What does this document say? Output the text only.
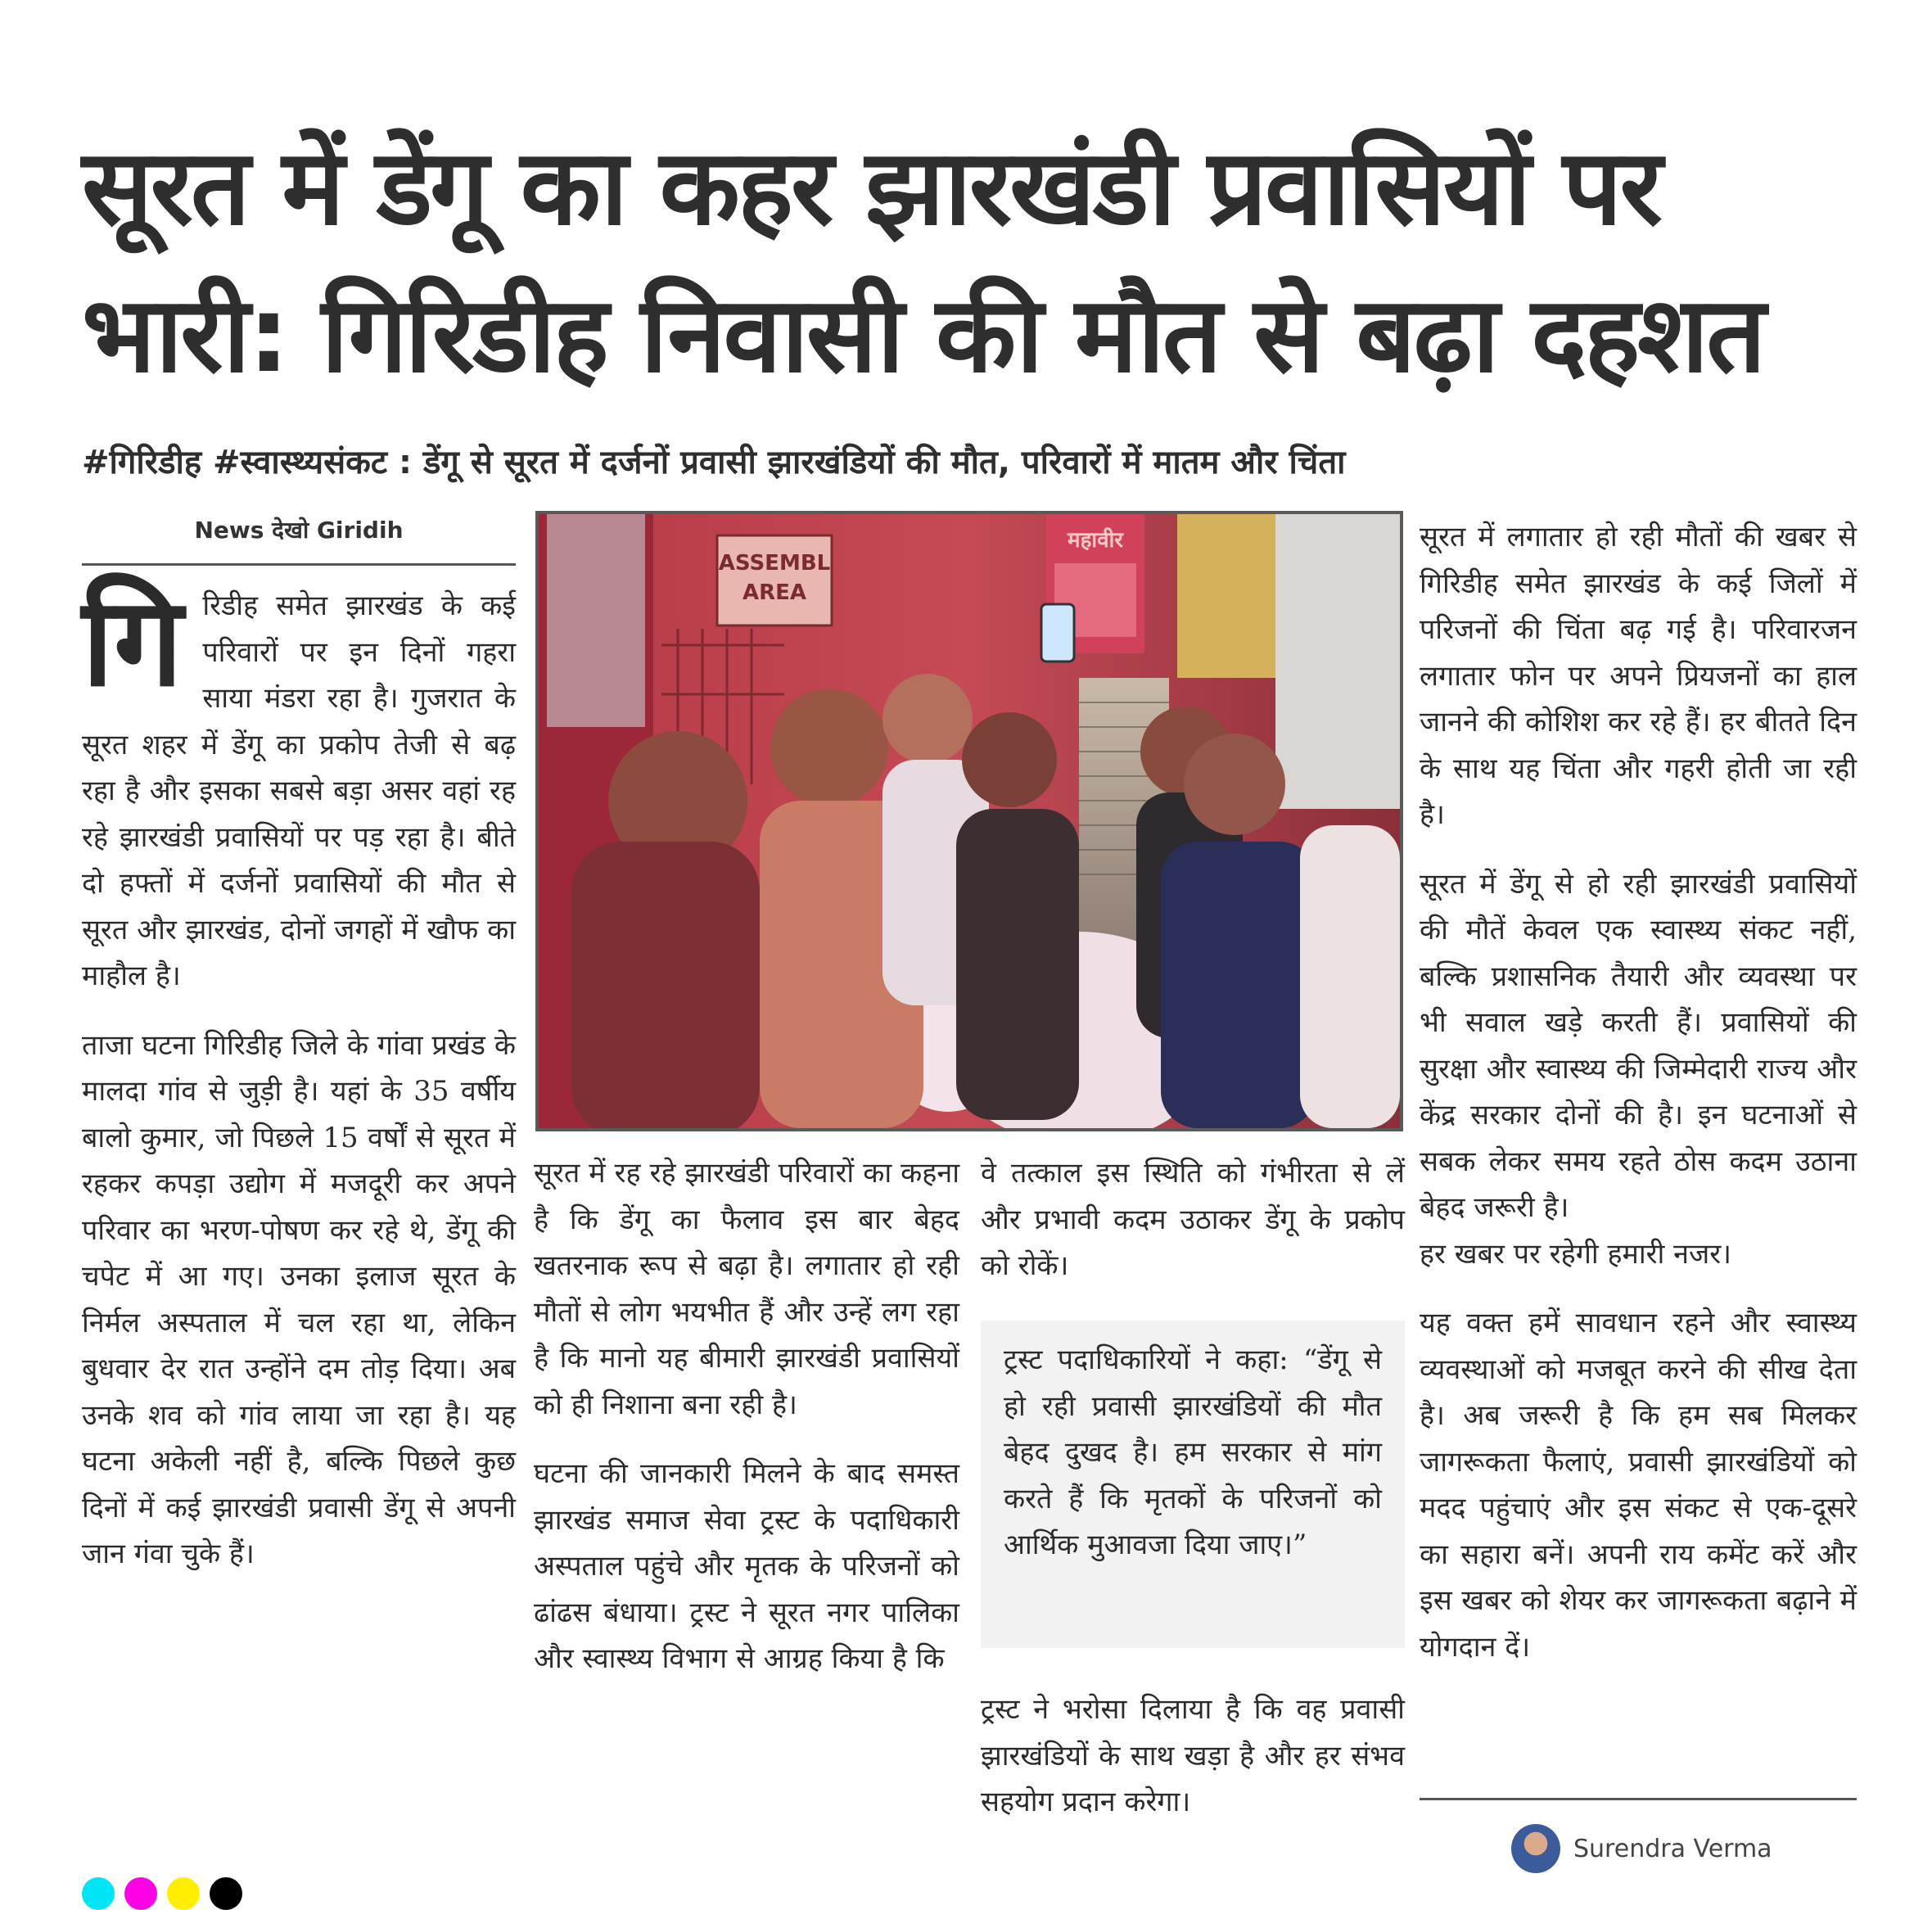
सूरत में डेंगू का कहर झारखंडी प्रवासियों पर
भारी: गिरिडीह निवासी की मौत से बढ़ा दहशत
#गिरिडीह #स्वास्थ्यसंकट : डेंगू से सूरत में दर्जनों प्रवासी झारखंडियों की मौत, परिवारों में मातम और चिंता
News देखो Giridih
ASSEMBL
AREA
महावीर

गिरिडीह समेत झारखंड के कई परिवारों पर इन दिनों गहरा साया मंडरा रहा है। गुजरात के सूरत शहर में डेंगू का प्रकोप तेजी से बढ़ रहा है और इसका सबसे बड़ा असर वहां रह रहे झारखंडी प्रवासियों पर पड़ रहा है। बीते दो हफ्तों में दर्जनों प्रवासियों की मौत से सूरत और झारखंड, दोनों जगहों में खौफ का माहौल है।

ताजा घटना गिरिडीह जिले के गांवा प्रखंड के मालदा गांव से जुड़ी है। यहां के 35 वर्षीय बालो कुमार, जो पिछले 15 वर्षों से सूरत में रहकर कपड़ा उद्योग में मजदूरी कर अपने परिवार का भरण-पोषण कर रहे थे, डेंगू की चपेट में आ गए। उनका इलाज सूरत के निर्मल अस्पताल में चल रहा था, लेकिन बुधवार देर रात उन्होंने दम तोड़ दिया। अब उनके शव को गांव लाया जा रहा है। यह घटना अकेली नहीं है, बल्कि पिछले कुछ दिनों में कई झारखंडी प्रवासी डेंगू से अपनी जान गंवा चुके हैं।

सूरत में रह रहे झारखंडी परिवारों का कहना है कि डेंगू का फैलाव इस बार बेहद खतरनाक रूप से बढ़ा है। लगातार हो रही मौतों से लोग भयभीत हैं और उन्हें लग रहा है कि मानो यह बीमारी झारखंडी प्रवासियों को ही निशाना बना रही है।

घटना की जानकारी मिलने के बाद समस्त झारखंड समाज सेवा ट्रस्ट के पदाधिकारी अस्पताल पहुंचे और मृतक के परिजनों को ढांढस बंधाया। ट्रस्ट ने सूरत नगर पालिका और स्वास्थ्य विभाग से आग्रह किया है कि

वे तत्काल इस स्थिति को गंभीरता से लें और प्रभावी कदम उठाकर डेंगू के प्रकोप को रोकें।

ट्रस्ट पदाधिकारियों ने कहा: “डेंगू से हो रही प्रवासी झारखंडियों की मौत बेहद दुखद है। हम सरकार से मांग करते हैं कि मृतकों के परिजनों को आर्थिक मुआवजा दिया जाए।”

ट्रस्ट ने भरोसा दिलाया है कि वह प्रवासी झारखंडियों के साथ खड़ा है और हर संभव सहयोग प्रदान करेगा।

सूरत में लगातार हो रही मौतों की खबर से गिरिडीह समेत झारखंड के कई जिलों में परिजनों की चिंता बढ़ गई है। परिवारजन लगातार फोन पर अपने प्रियजनों का हाल जानने की कोशिश कर रहे हैं। हर बीतते दिन के साथ यह चिंता और गहरी होती जा रही है।

सूरत में डेंगू से हो रही झारखंडी प्रवासियों की मौतें केवल एक स्वास्थ्य संकट नहीं, बल्कि प्रशासनिक तैयारी और व्यवस्था पर भी सवाल खड़े करती हैं। प्रवासियों की सुरक्षा और स्वास्थ्य की जिम्मेदारी राज्य और केंद्र सरकार दोनों की है। इन घटनाओं से सबक लेकर समय रहते ठोस कदम उठाना बेहद जरूरी है।

हर खबर पर रहेगी हमारी नजर।

यह वक्त हमें सावधान रहने और स्वास्थ्य व्यवस्थाओं को मजबूत करने की सीख देता है। अब जरूरी है कि हम सब मिलकर जागरूकता फैलाएं, प्रवासी झारखंडियों को मदद पहुंचाएं और इस संकट से एक-दूसरे का सहारा बनें। अपनी राय कमेंट करें और इस खबर को शेयर कर जागरूकता बढ़ाने में योगदान दें।

Surendra Verma
